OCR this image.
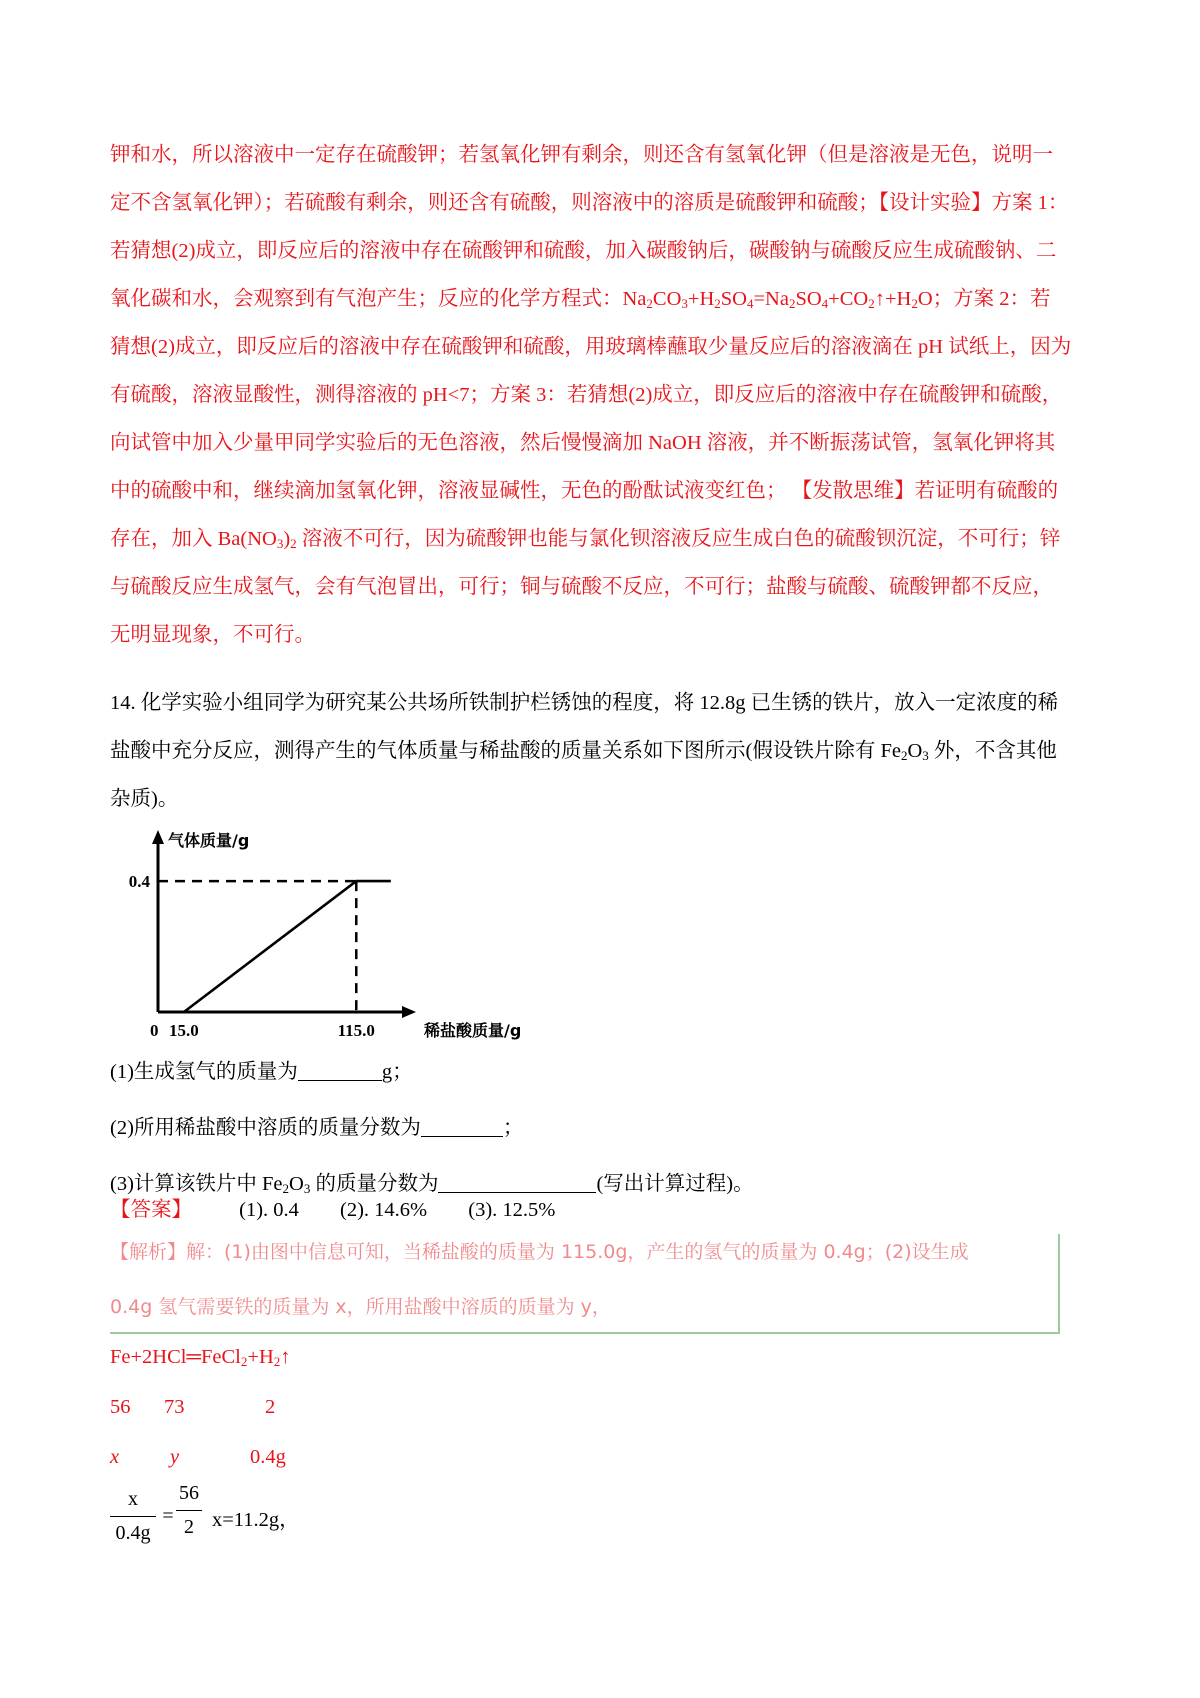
钾和水，所以溶液中一定存在硫酸钾；若氢氧化钾有剩余，则还含有氢氧化钾（但是溶液是无色，说明一
定不含氢氧化钾）；若硫酸有剩余，则还含有硫酸，则溶液中的溶质是硫酸钾和硫酸；【设计实验】方案 1：
若猜想(2)成立，即反应后的溶液中存在硫酸钾和硫酸，加入碳酸钠后，碳酸钠与硫酸反应生成硫酸钠、二
氧化碳和水，会观察到有气泡产生；反应的化学方程式：$Na_2CO_3+H_2SO_4=Na_2SO_4+CO_2↑+H_2O$；方案 2：若
猜想(2)成立，即反应后的溶液中存在硫酸钾和硫酸，用玻璃棒蘸取少量反应后的溶液滴在 pH 试纸上，因为
有硫酸，溶液显酸性，测得溶液的 pH<7；方案 3：若猜想(2)成立，即反应后的溶液中存在硫酸钾和硫酸，
向试管中加入少量甲同学实验后的无色溶液，然后慢慢滴加 NaOH 溶液，并不断振荡试管，氢氧化钾将其
中的硫酸中和，继续滴加氢氧化钾，溶液显碱性，无色的酚酞试液变红色； 【发散思维】若证明有硫酸的
存在，加入 $Ba(NO_3)_2$ 溶液不可行，因为硫酸钾也能与氯化钡溶液反应生成白色的硫酸钡沉淀，不可行；锌
与硫酸反应生成氢气，会有气泡冒出，可行；铜与硫酸不反应，不可行；盐酸与硫酸、硫酸钾都不反应，
无明显现象，不可行。
14. 化学实验小组同学为研究某公共场所铁制护栏锈蚀的程度，将 12.8g 已生锈的铁片，放入一定浓度的稀
盐酸中充分反应，测得产生的气体质量与稀盐酸的质量关系如下图所示(假设铁片除有 $Fe_2O_3$ 外，不含其他
杂质)。
气体质量/g
稀盐酸质量/g
0 15.0	115.0
0.4
(1)生成氢气的质量为	g；
(2)所用稀盐酸中溶质的质量分数为	；
(3)计算该铁片中 $Fe_2O_3$ 的质量分数为	(写出计算过程)。
【答案】 (1). 0.4 (2). 14.6% (3). 12.5%
【解析】解：(1)由图中信息可知，当稀盐酸的质量为 115.0g，产生的氢气的质量为 0.4g；(2)设生成
0.4g 氢气需要铁的质量为 x，所用盐酸中溶质的质量为 y，
$Fe+2HCl═FeCl_2+H_2↑$
56 73	2
x y	0.4g
x
0.4g
=
56
2 x=11.2g，
